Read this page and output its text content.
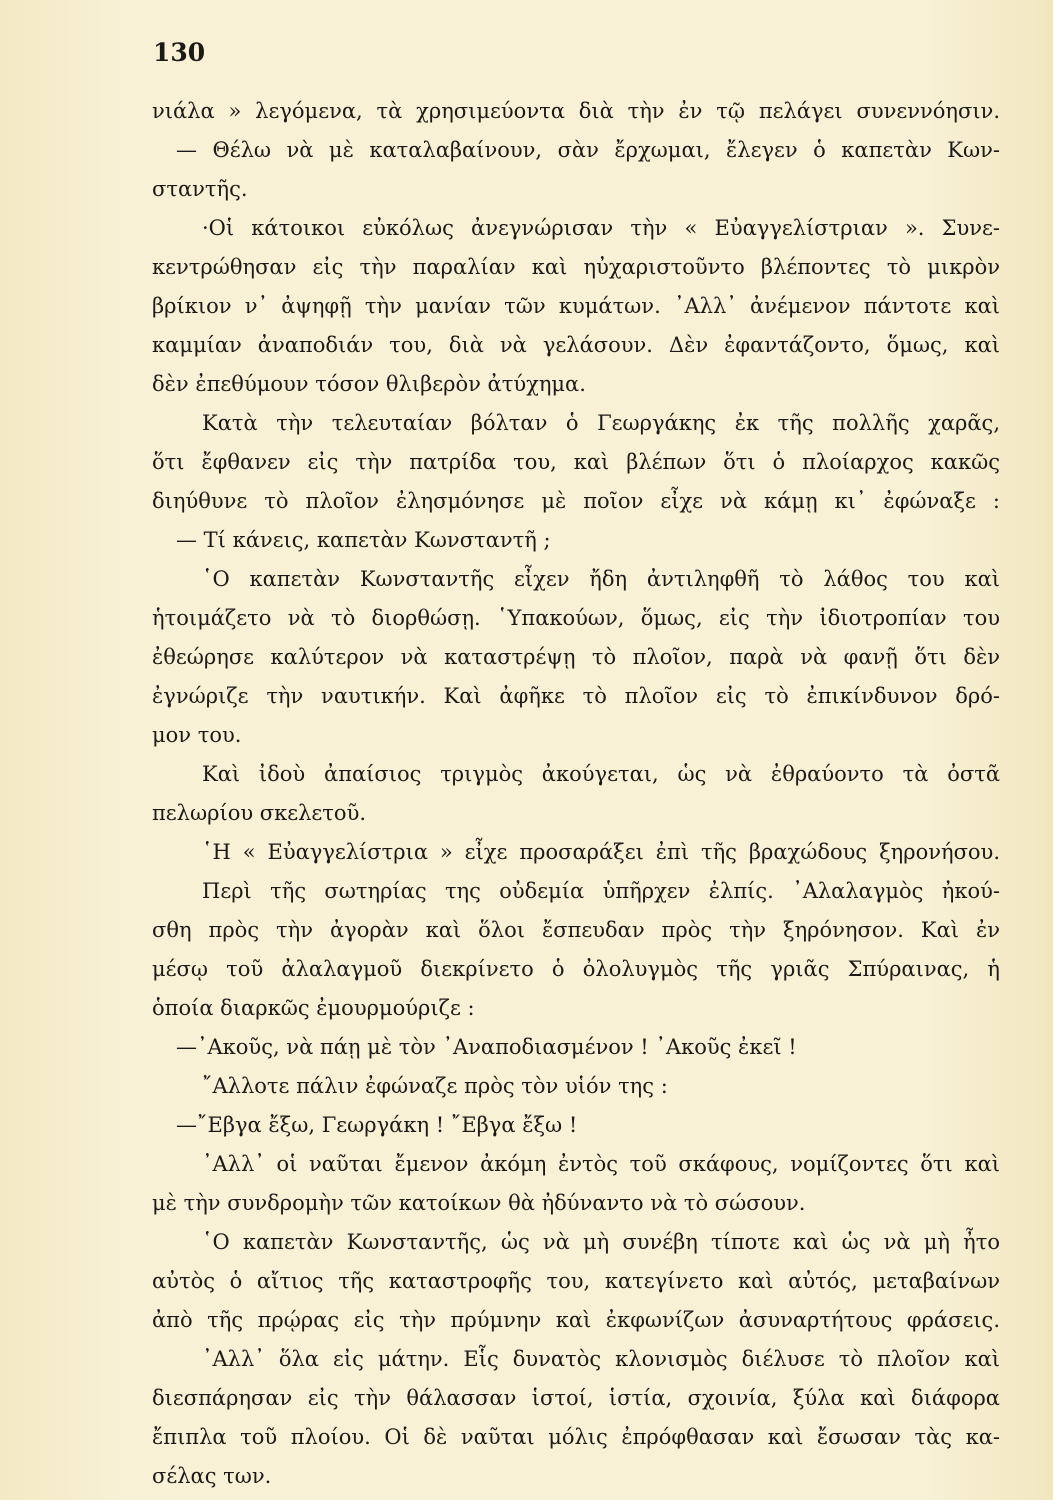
130
νιάλα » λεγόμενα, τὰ χρησιμεύοντα διὰ τὴν ἐν τῷ πελάγει συνεννόησιν.
— Θέλω νὰ μὲ καταλαβαίνουν, σὰν ἔρχωμαι, ἔλεγεν ὁ καπετὰν Κων-
σταντῆς.
·Οἱ κάτοικοι εὐκόλως ἀνεγνώρισαν τὴν « Εὐαγγελίστριαν ». Συνε-
κεντρώθησαν εἰς τὴν παραλίαν καὶ ηὐχαριστοῦντο βλέποντες τὸ μικρὸν
βρίκιον ν᾽ ἀψηφῇ τὴν μανίαν τῶν κυμάτων. ᾽Αλλ᾽ ἀνέμενον πάντοτε καὶ
καμμίαν ἀναποδιάν του, διὰ νὰ γελάσουν. Δὲν ἐφαντάζοντο, ὅμως, καὶ
δὲν ἐπεθύμουν τόσον θλιβερὸν ἀτύχημα.
Κατὰ τὴν τελευταίαν βόλταν ὁ Γεωργάκης ἐκ τῆς πολλῆς χαρᾶς,
ὅτι ἔφθανεν εἰς τὴν πατρίδα του, καὶ βλέπων ὅτι ὁ πλοίαρχος κακῶς
διηύθυνε τὸ πλοῖον ἐλησμόνησε μὲ ποῖον εἶχε νὰ κάμῃ κι᾽ ἐφώναξε :
— Τί κάνεις, καπετὰν Κωνσταντῆ ;
῾Ο καπετὰν Κωνσταντῆς εἶχεν ἤδη ἀντιληφθῆ τὸ λάθος του καὶ
ἡτοιμάζετο νὰ τὸ διορθώσῃ. ῾Υπακούων, ὅμως, εἰς τὴν ἰδιοτροπίαν του
ἐθεώρησε καλύτερον νὰ καταστρέψῃ τὸ πλοῖον, παρὰ νὰ φανῇ ὅτι δὲν
ἐγνώριζε τὴν ναυτικήν. Καὶ ἀφῆκε τὸ πλοῖον εἰς τὸ ἐπικίνδυνον δρό-
μον του.
Καὶ ἰδοὺ ἀπαίσιος τριγμὸς ἀκούγεται, ὡς νὰ ἐθραύοντο τὰ ὀστᾶ
πελωρίου σκελετοῦ.
῾Η « Εὐαγγελίστρια » εἶχε προσαράξει ἐπὶ τῆς βραχώδους ξηρονήσου.
Περὶ τῆς σωτηρίας της οὐδεμία ὑπῆρχεν ἐλπίς. ᾽Αλαλαγμὸς ἠκού-
σθη πρὸς τὴν ἀγορὰν καὶ ὅλοι ἔσπευδαν πρὸς τὴν ξηρόνησον. Καὶ ἐν
μέσῳ τοῦ ἀλαλαγμοῦ διεκρίνετο ὁ ὀλολυγμὸς τῆς γριᾶς Σπύραινας, ἡ
ὁποία διαρκῶς ἐμουρμούριζε :
—᾽Ακοῦς, νὰ πάῃ μὲ τὸν ᾽Αναποδιασμένον ! ᾽Ακοῦς ἐκεῖ !
῎Αλλοτε πάλιν ἐφώναζε πρὸς τὸν υἱόν της :
—῎Εβγα ἔξω, Γεωργάκη ! ῎Εβγα ἔξω !
᾽Αλλ᾽ οἱ ναῦται ἔμενον ἀκόμη ἐντὸς τοῦ σκάφους, νομίζοντες ὅτι καὶ
μὲ τὴν συνδρομὴν τῶν κατοίκων θὰ ἠδύναντο νὰ τὸ σώσουν.
῾Ο καπετὰν Κωνσταντῆς, ὡς νὰ μὴ συνέβη τίποτε καὶ ὡς νὰ μὴ ἦτο
αὐτὸς ὁ αἴτιος τῆς καταστροφῆς του, κατεγίνετο καὶ αὐτός, μεταβαίνων
ἀπὸ τῆς πρῴρας εἰς τὴν πρύμνην καὶ ἐκφωνίζων ἀσυναρτήτους φράσεις.
᾽Αλλ᾽ ὅλα εἰς μάτην. Εἷς δυνατὸς κλονισμὸς διέλυσε τὸ πλοῖον καὶ
διεσπάρησαν εἰς τὴν θάλασσαν ἱστοί, ἱστία, σχοινία, ξύλα καὶ διάφορα
ἔπιπλα τοῦ πλοίου. Οἱ δὲ ναῦται μόλις ἐπρόφθασαν καὶ ἔσωσαν τὰς κα-
σέλας των.
